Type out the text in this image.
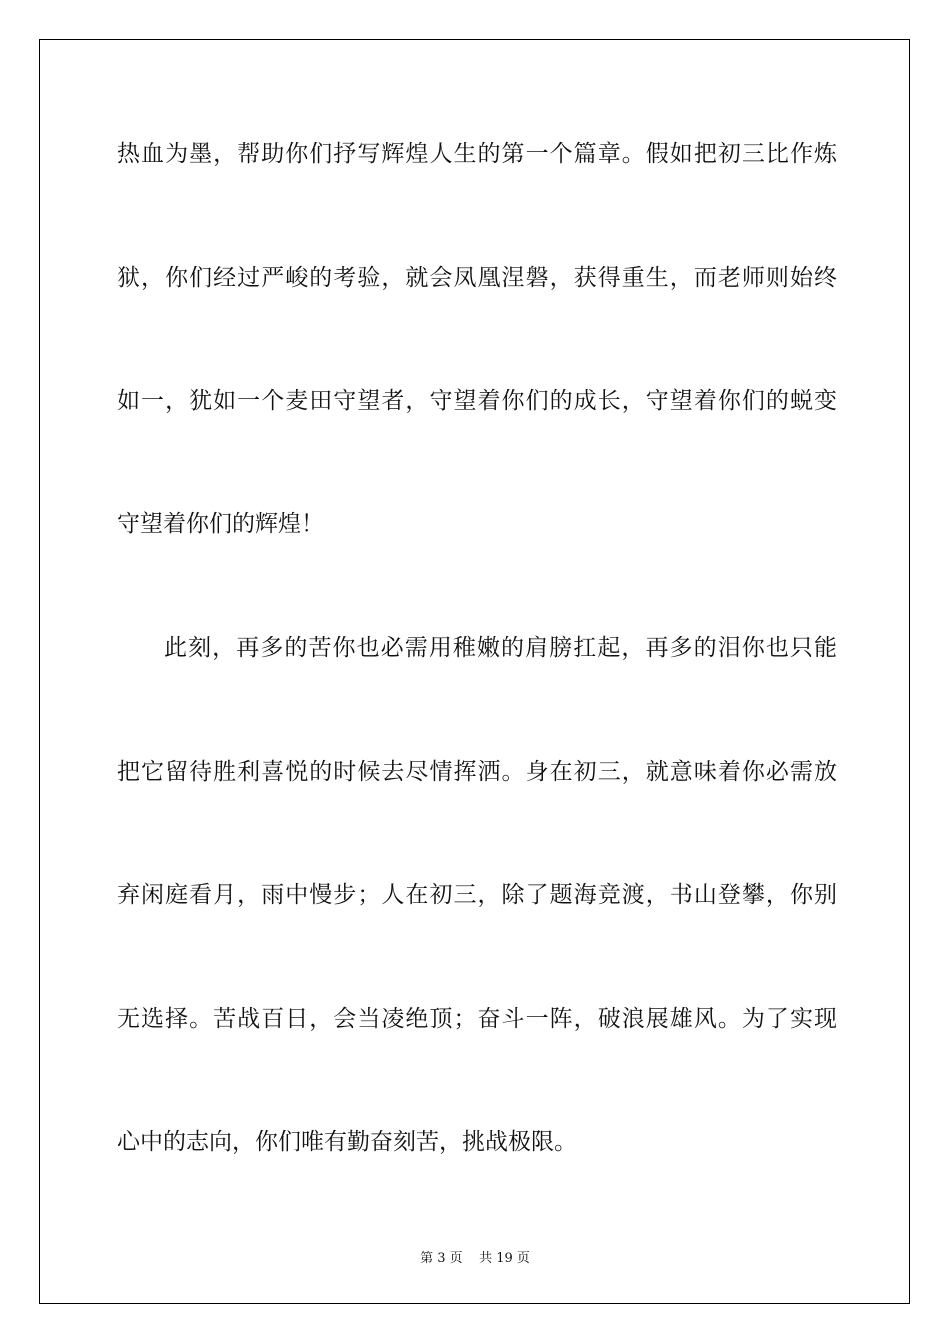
热血为墨，帮助你们抒写辉煌人生的第一个篇章。假如把初三比作炼

狱，你们经过严峻的考验，就会凤凰涅磐，获得重生，而老师则始终

如一，犹如一个麦田守望者，守望着你们的成长，守望着你们的蜕变

守望着你们的辉煌！

此刻，再多的苦你也必需用稚嫩的肩膀扛起，再多的泪你也只能

把它留待胜利喜悦的时候去尽情挥洒。身在初三，就意味着你必需放

弃闲庭看月，雨中慢步；人在初三，除了题海竞渡，书山登攀，你别

无选择。苦战百日，会当凌绝顶；奋斗一阵，破浪展雄风。为了实现

心中的志向，你们唯有勤奋刻苦，挑战极限。

第 3 页    共 19 页
